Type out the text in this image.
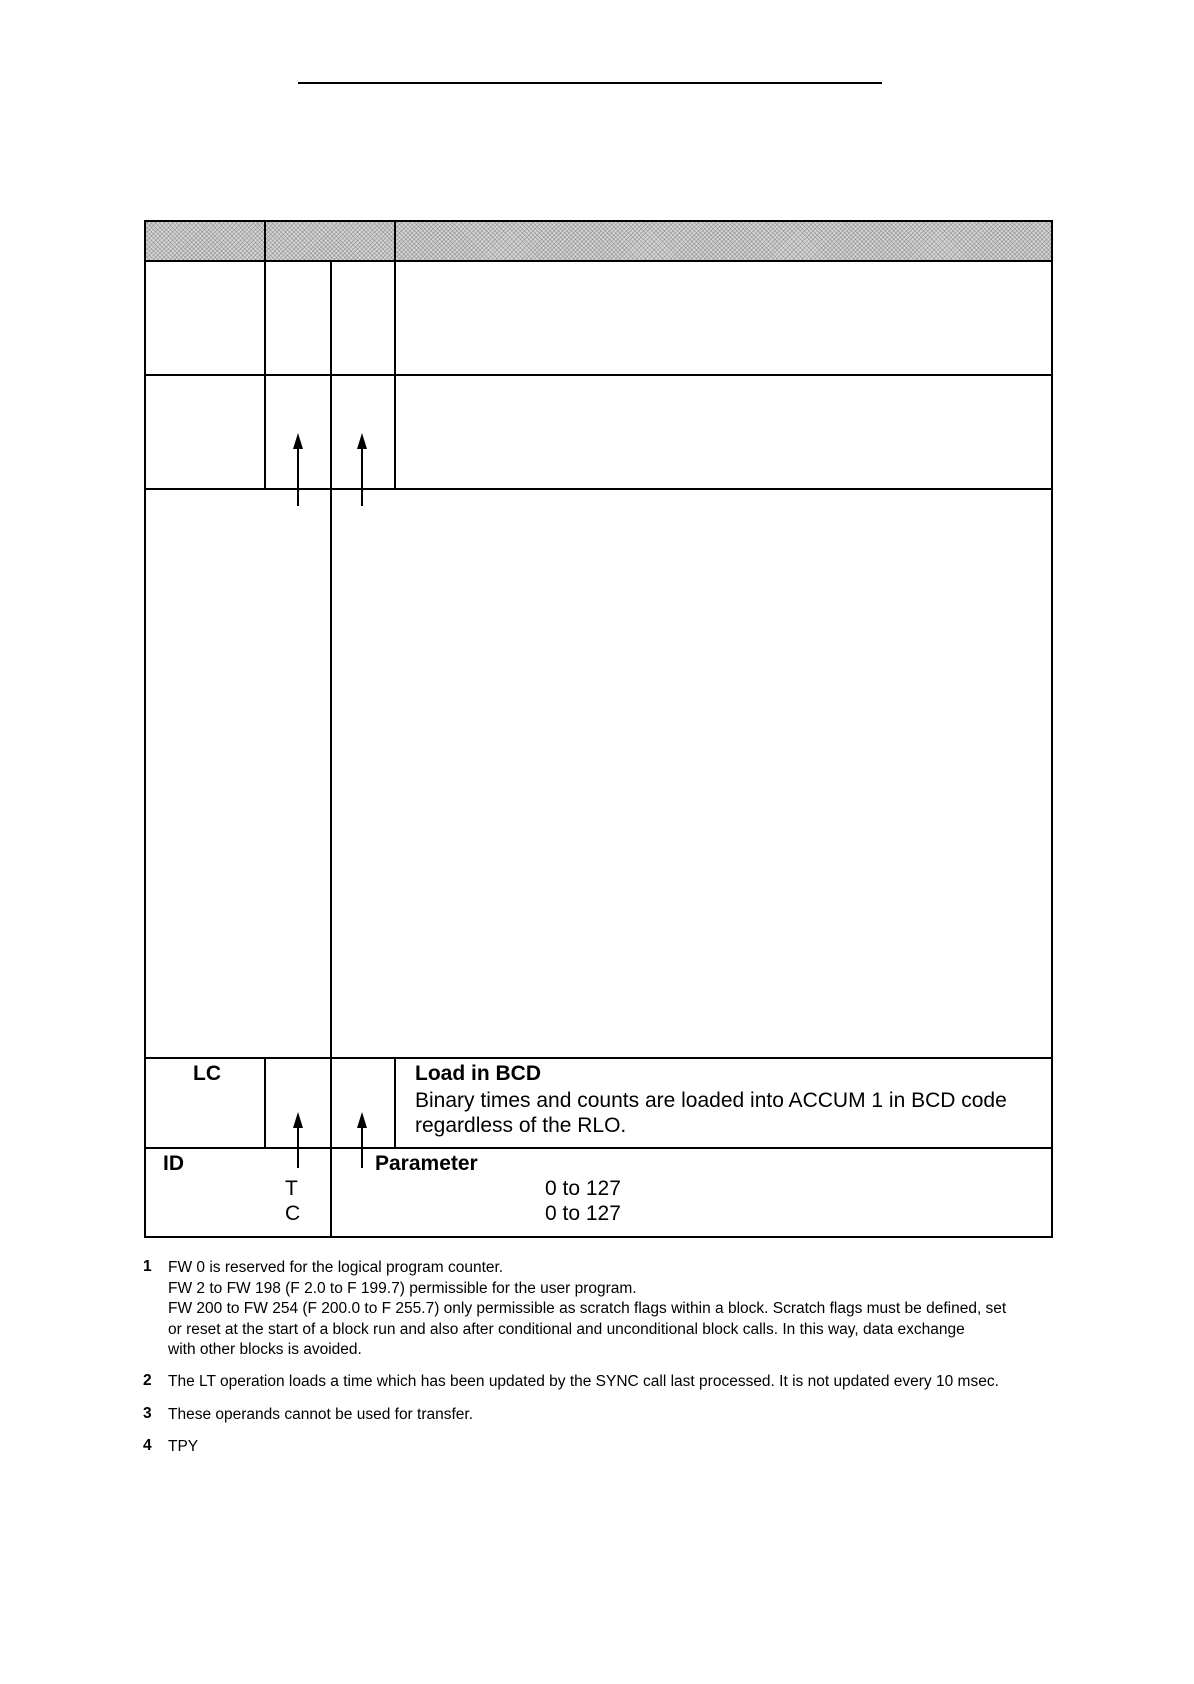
LC	Load in BCD
Binary times and counts are loaded into ACCUM 1 in BCD code
regardless of the RLO.
ID	Parameter
T	0 to 127
C	0 to 127
1 FW 0 is reserved for the logical program counter.
FW 2 to FW 198 (F 2.0 to F 199.7) permissible for the user program.
FW 200 to FW 254 (F 200.0 to F 255.7) only permissible as scratch flags within a block. Scratch flags must be defined, set
or reset at the start of a block run and also after conditional and unconditional block calls. In this way, data exchange
with other blocks is avoided.
2 The LT operation loads a time which has been updated by the SYNC call last processed. It is not updated every 10 msec.
3 These operands cannot be used for transfer.
4 TPY
